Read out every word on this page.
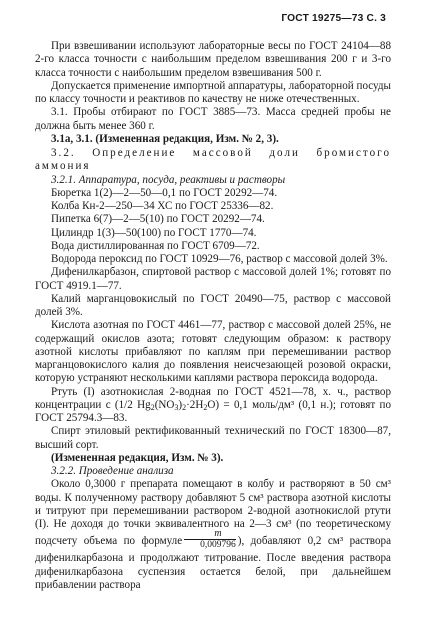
ГОСТ 19275—73 С. 3

При взвешивании используют лабораторные весы по ГОСТ 24104—88 2-го класса точности с наибольшим пределом взвешивания 200 г и 3-го класса точности с наибольшим пределом взвешивания 500 г.

Допускается применение импортной аппаратуры, лабораторной посуды по классу точности и реактивов по качеству не ниже отечественных.

3.1. Пробы отбирают по ГОСТ 3885—73. Масса средней пробы не должна быть менее 360 г.

3.1а, 3.1. (Измененная редакция, Изм. № 2, 3).

3.2. Определение массовой доли бромистого аммония

3.2.1. Аппаратура, посуда, реактивы и растворы

Бюретка 1(2)—2—50—0,1 по ГОСТ 20292—74.

Колба Кн-2—250—34 ХС по ГОСТ 25336—82.

Пипетка 6(7)—2—5(10) по ГОСТ 20292—74.

Цилиндр 1(3)—50(100) по ГОСТ 1770—74.

Вода дистиллированная по ГОСТ 6709—72.

Водорода пероксид по ГОСТ 10929—76, раствор с массовой долей 3%.

Дифенилкарбазон, спиртовой раствор с массовой долей 1%; готовят по ГОСТ 4919.1—77.

Калий марганцовокислый по ГОСТ 20490—75, раствор с массовой долей 3%.

Кислота азотная по ГОСТ 4461—77, раствор с массовой долей 25%, не содержащий окислов азота; готовят следующим образом: к раствору азотной кислоты прибавляют по каплям при перемешивании раствор марганцовокислого калия до появления неисчезающей розовой окраски, которую устраняют несколькими каплями раствора пероксида водорода.

Ртуть (I) азотнокислая 2-водная по ГОСТ 4521—78, х. ч., раствор концентрации с (1/2 $Hg_2(NO_3)_2\cdot 2H_2O) = 0,1$ моль/дм³ (0,1 н.); готовят по ГОСТ 25794.3—83.

Спирт этиловый ректификованный технический по ГОСТ 18300—87, высший сорт.

(Измененная редакция, Изм. № 3).

3.2.2. Проведение анализа

Около 0,3000 г препарата помещают в колбу и растворяют в 50 см³ воды. К полученному раствору добавляют 5 см³ раствора азотной кислоты и титруют при перемешивании раствором 2-водной азотнокислой ртути (I). Не доходя до точки эквивалентного на 2—3 см³ (по теоретическому подсчету объема по формуле $\frac{m}{0,009796}$ ), добавляют 0,2 см³ раствора дифенилкарбазона и продолжают титрование. После введения раствора дифенилкарбазона суспензия остается белой, при дальнейшем прибавлении раствора
